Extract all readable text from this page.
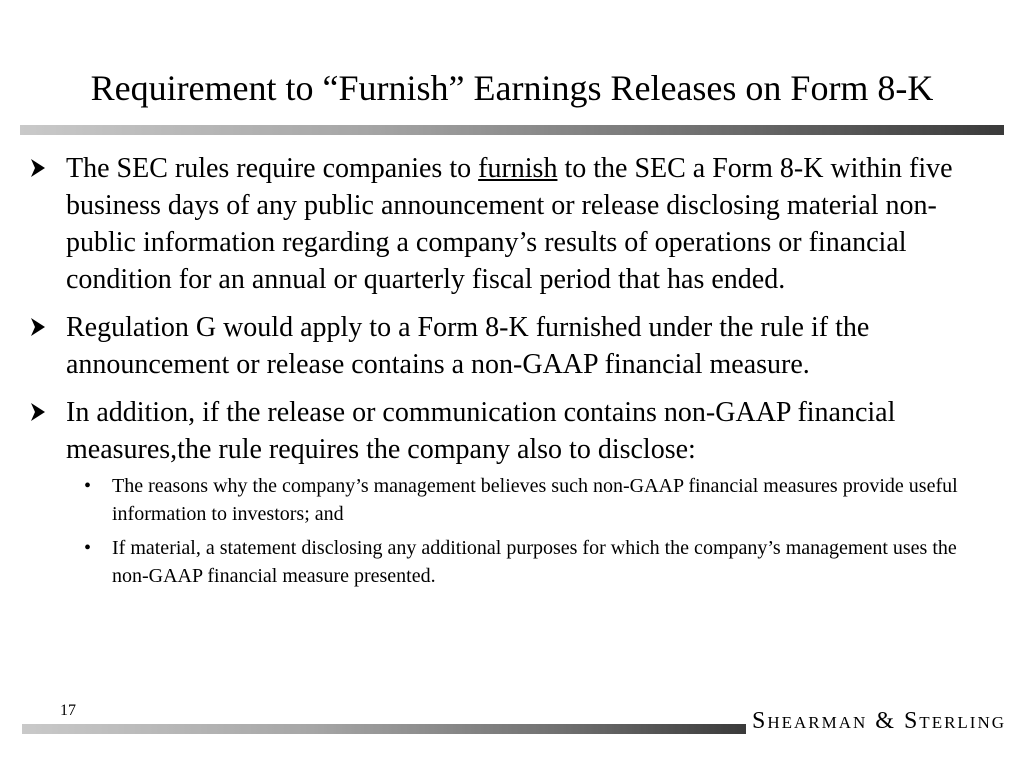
Requirement to “Furnish” Earnings Releases on Form 8-K
The SEC rules require companies to furnish to the SEC a Form 8-K within five business days of any public announcement or release disclosing material non-public information regarding a company’s results of operations or financial condition for an annual or quarterly fiscal period that has ended.
Regulation G would apply to a Form 8-K furnished under the rule if the announcement or release contains a non-GAAP financial measure.
In addition, if the release or communication contains non-GAAP financial measures,the rule requires the company also to disclose:
•	The reasons why the company’s management believes such non-GAAP financial measures provide useful information to investors; and
•	If material, a statement disclosing any additional purposes for which the company’s management uses the non-GAAP financial measure presented.
17	Shearman & Sterling
